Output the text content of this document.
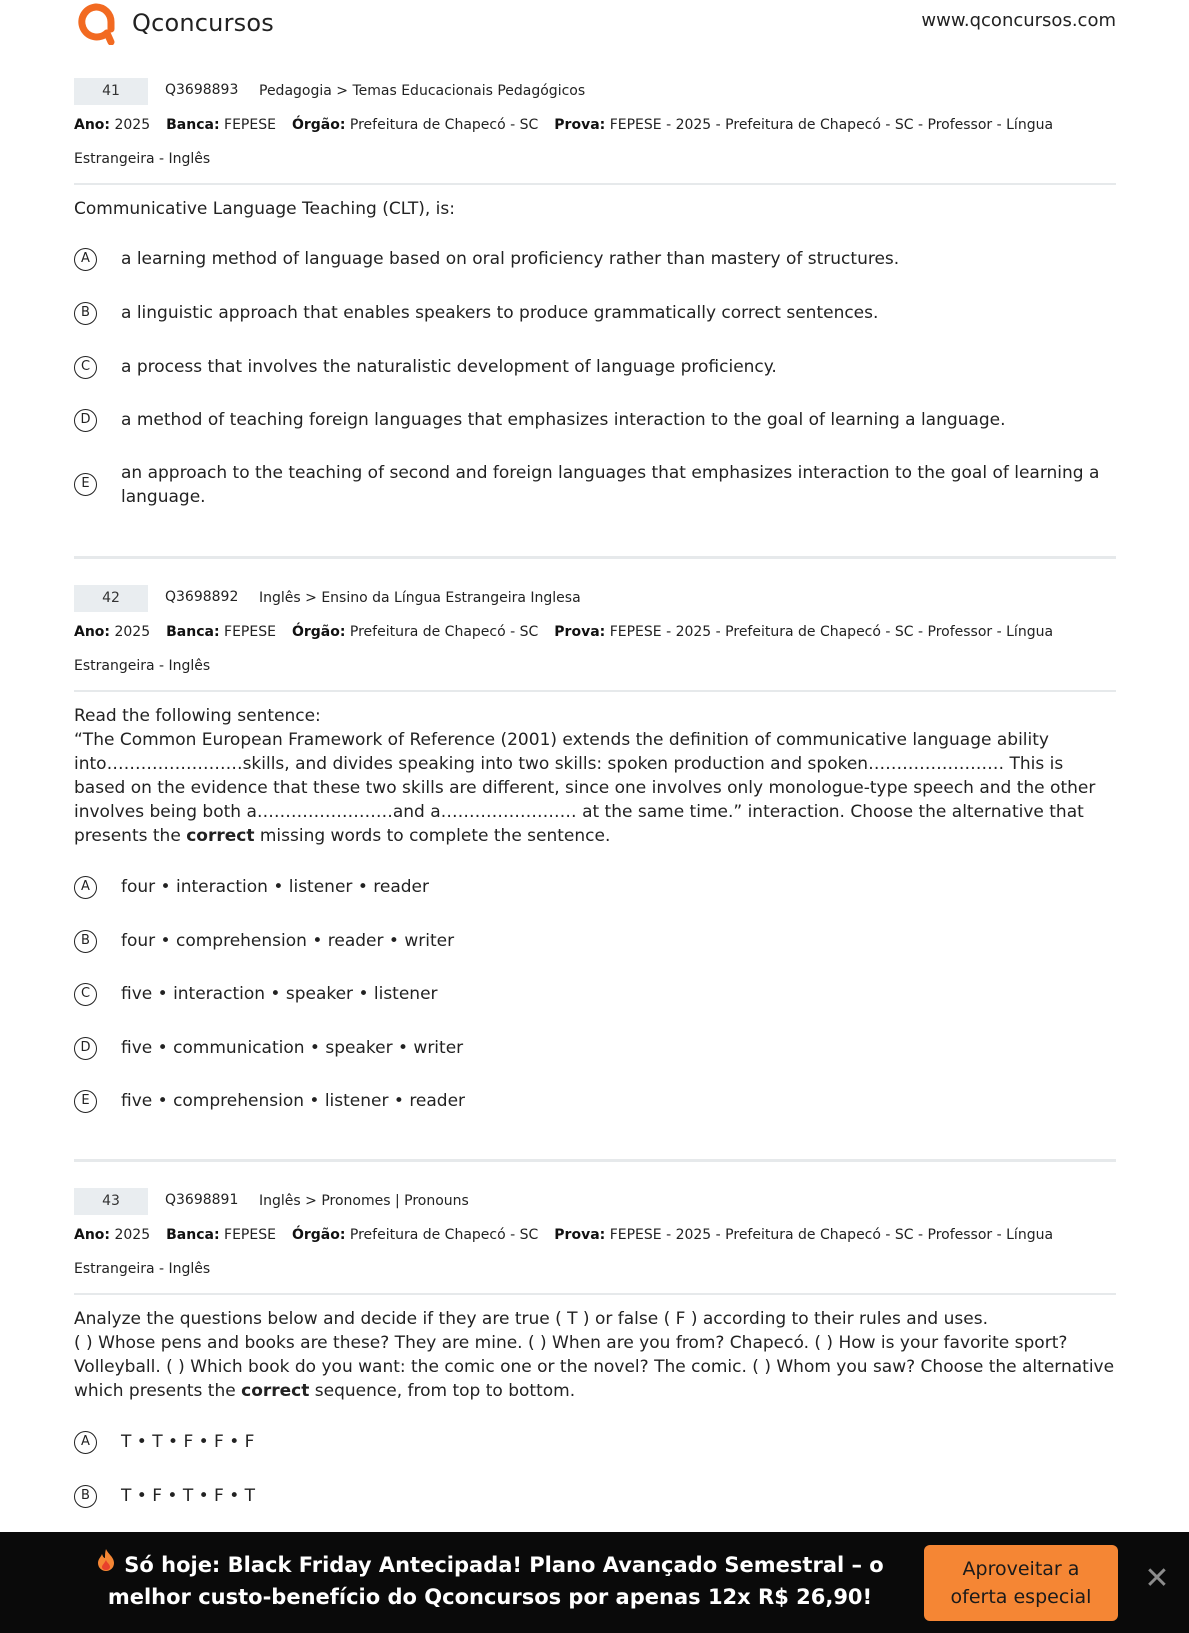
Qconcursos	www.qconcursos.com
41	Q3698893 Pedagogia > Temas Educacionais Pedagógicos
Ano: 2025 Banca: FEPESE Órgão: Prefeitura de Chapecó - SC Prova: FEPESE - 2025 - Prefeitura de Chapecó - SC - Professor - Língua Estrangeira - Inglês
Communicative Language Teaching (CLT), is:
A	a learning method of language based on oral proficiency rather than mastery of structures.
B	a linguistic approach that enables speakers to produce grammatically correct sentences.
C	a process that involves the naturalistic development of language proficiency.
D	a method of teaching foreign languages that emphasizes interaction to the goal of learning a language.
E
an approach to the teaching of second and foreign languages that emphasizes interaction to the goal of learning a language.
42	Q3698892 Inglês > Ensino da Língua Estrangeira Inglesa
Ano: 2025 Banca: FEPESE Órgão: Prefeitura de Chapecó - SC Prova: FEPESE - 2025 - Prefeitura de Chapecó - SC - Professor - Língua Estrangeira - Inglês
Read the following sentence:
“The Common European Framework of Reference (2001) extends the definition of communicative language ability into……………………skills, and divides speaking into two skills: spoken production and spoken…………………… This is based on the evidence that these two skills are different, since one involves only monologue-type speech and the other involves being both a……………………and a…………………… at the same time.” interaction. Choose the alternative that presents the correct missing words to complete the sentence.
A	four • interaction • listener • reader
B	four • comprehension • reader • writer
C	five • interaction • speaker • listener
D	five • communication • speaker • writer
E	five • comprehension • listener • reader
43	Q3698891 Inglês > Pronomes | Pronouns
Ano: 2025 Banca: FEPESE Órgão: Prefeitura de Chapecó - SC Prova: FEPESE - 2025 - Prefeitura de Chapecó - SC - Professor - Língua Estrangeira - Inglês
Analyze the questions below and decide if they are true ( T ) or false ( F ) according to their rules and uses.
( ) Whose pens and books are these? They are mine. ( ) When are you from? Chapecó. ( ) How is your favorite sport? Volleyball. ( ) Which book do you want: the comic one or the novel? The comic. ( ) Whom you saw? Choose the alternative which presents the correct sequence, from top to bottom.
A	T • T • F • F • F
B	T • F • T • F • T
Só hoje: Black Friday Antecipada! Plano Avançado Semestral – o melhor custo-benefício do Qconcursos por apenas 12x R$ 26,90!
Aproveitar a
oferta especial
✕
